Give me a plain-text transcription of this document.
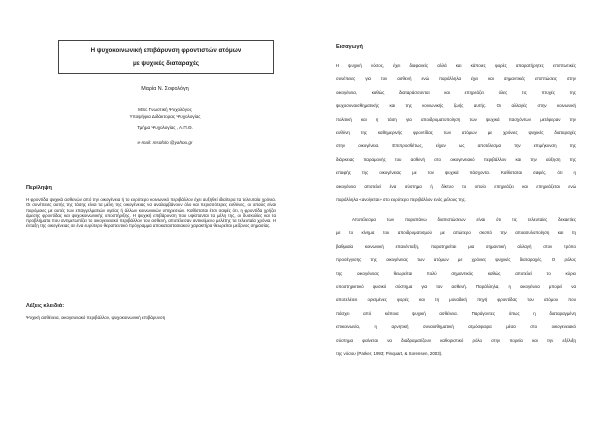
Η ψυχοκοινωνική επιβάρυνση φροντιστών ατόμων
με ψυχικές διαταραχές
Μαρία Ν. Σοφολόγη
MSc Γνωστική Ψυχολόγος
Υποψήφια Διδάκτορας Ψυχολογίας
Τμήμα Ψυχολογίας , Α.Π.Θ.
e-mail: msofolo @yahoo.gr
Περίληψη
Η φροντίδα ψυχικά ασθενών από την οικογένεια ή το ευρύτερο κοινωνικό περιβάλλον έχει αυξηθεί ιδιαίτερα τα τελευταία χρόνια. Οι συνέπειες αυτής της τάσης είναι τα μέλη της οικογένειας να αναλαμβάνουν όλο και περισσότερες ευθύνες, οι οποίες είναι παρόμοιες με αυτές των επαγγελματιών υγείας ή άλλων κοινωνικών υπηρεσιών. Καθίσταται έτσι σαφές ότι, η φροντίδα χρήζει άμεσης φροντίδας και ψυχοκοινωνικής υποστήριξης. Η ψυχική επιβάρυνση που υφίστανται τα μέλη της, οι δυσκολίες και τα προβλήματα που αντιμετωπίζει το οικογενειακό περιβάλλον του ασθενή, αποτέλεσαν αντικείμενο μελέτης τα τελευταία χρόνια. Η ένταξη της οικογένειας σε ένα ευρύτερο θεραπευτικό πρόγραμμα αποκαταστασιακού χαρακτήρα θεωρείται μείζονος σημασίας.
Λέξεις κλειδιά:
Ψυχική ασθένεια, οικογενειακό περιβάλλον, ψυχοκοινωνική επιβάρυνση
Εισαγωγή
Η ψυχική νόσος, έχει διαφανείς αλλά και κάποιες φορές απαρατήρητες επιπτωτικές
συνέπειες για τον ασθενή ενώ παράλληλα έχει και σημαντικές επιπτώσεις στην
οικογένεια, καθώς διαταράσσονται και επηρεάζει όλες τις πτυχές της
ψυχοσυναισθηματικής και της κοινωνικής ζωής αυτής. Οι αλλαγές στην κοινωνική
πολιτική και η τάση για αποιδρυματοποίηση των ψυχικά πασχόντων μετέφεραν την
ευθύνη της καθημερινής φροντίδας των ατόμων με χρόνιες ψυχικές διαταραχές
στην οικογένεια. Επιπροσθέτως, είχαν ως αποτέλεσμα την επιμήκυνση της
διάρκειας παραμονής του ασθενή στο οικογενειακό περιβάλλον και την αύξηση της
επαφής της οικογένειας με τον ψυχικά πάσχοντα. Καθίσταται σαφές, ότι η
οικογένεια αποτελεί ένα σύστημα ή δίκτυο το οποίο επηρεάζει και επηρεάζεται ενώ
παράλληλα «ανοίγεται» στο ευρύτερο περιβάλλον ενός μέλους της.
Αποτέλεσμα των παραπάνω διαπιστώσεων είναι ότι τις τελευταίες δεκαετίες
με το κίνημα του αποιδρυματισμού με απώτερο σκοπό την αποασυλοποίηση και τη
βαθμιαία κοινωνική επανένταξη, παρατηρείται μια σημαντική αλλαγή στον τρόπο
προσέγγισης της οικογένειας των ατόμων με χρόνιες ψυχικές διαταραχές. Ο ρόλος
της οικογένειας θεωρείται πολύ σημαντικός καθώς αποτελεί το κύριο
υποστηρικτικό φυσικό σύστημα για τον ασθενή. Παράλληλα, η οικογένεια μπορεί να
αποτελέσει ορισμένες φορές και τη μοναδική πηγή φροντίδας του ατόμου που
πάσχει από κάποια ψυχική ασθένεια. Παράγοντες όπως η διαταραγμένη
επικοινωνία, η αρνητική συναισθηματική ατμόσφαιρα μέσα στο οικογενειακό
σύστημα φαίνεται να διαδραματίζουν καθοριστικό ρόλο στην πορεία και την εξέλιξη
της νόσου (Parker, 1993; Pinquart, & Sorensen, 2003).
